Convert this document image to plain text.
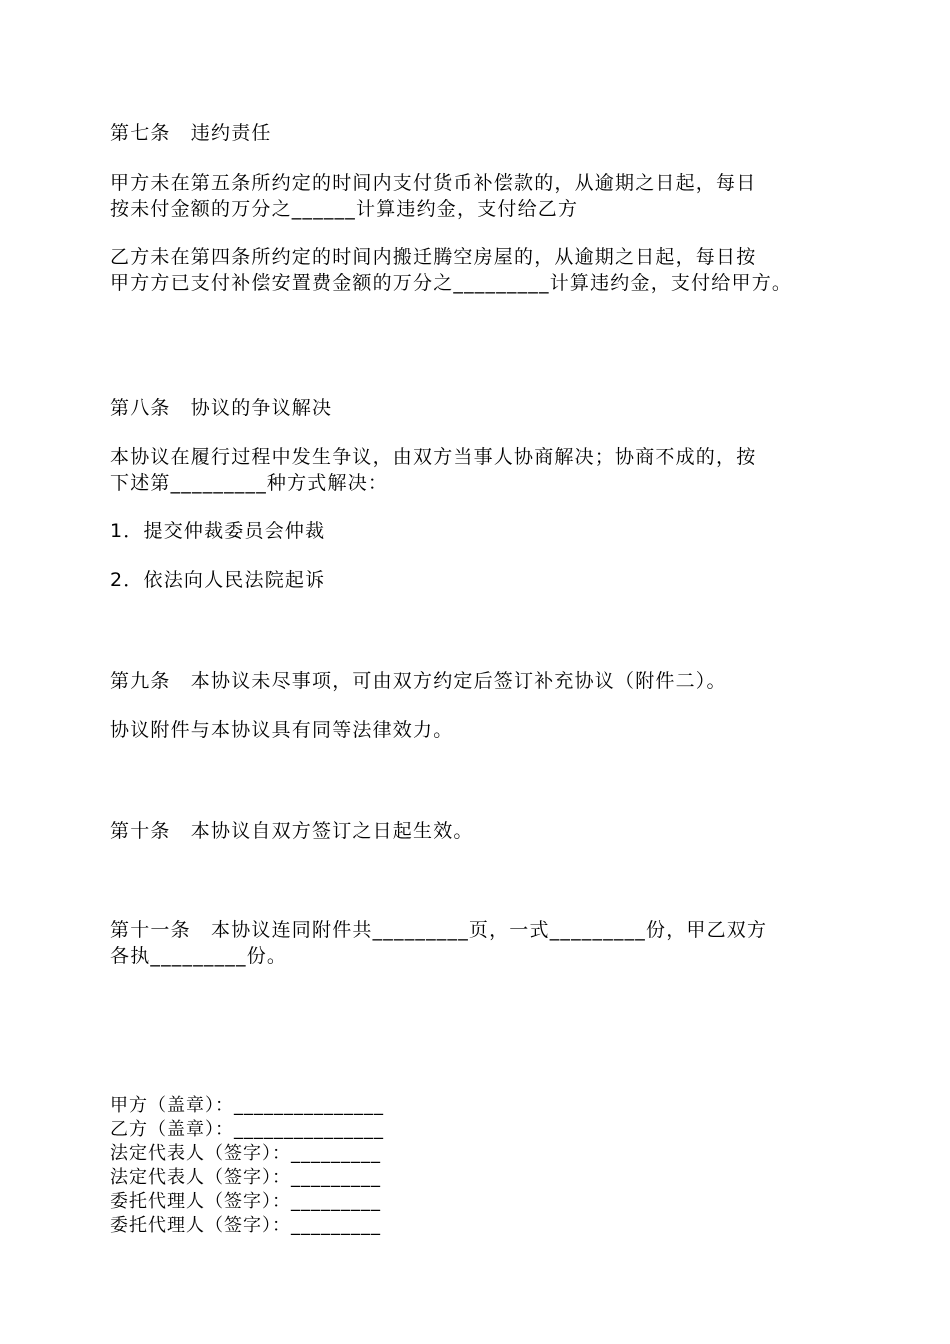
第七条　违约责任

甲方未在第五条所约定的时间内支付货币补偿款的，从逾期之日起，每日

按未付金额的万分之______计算违约金，支付给乙方

乙方未在第四条所约定的时间内搬迁腾空房屋的，从逾期之日起，每日按

甲方方已支付补偿安置费金额的万分之_________计算违约金，支付给甲方。

第八条　协议的争议解决

本协议在履行过程中发生争议，由双方当事人协商解决；协商不成的，按

下述第_________种方式解决：

1．提交仲裁委员会仲裁

2．依法向人民法院起诉

第九条　本协议未尽事项，可由双方约定后签订补充协议（附件二）。

协议附件与本协议具有同等法律效力。

第十条　本协议自双方签订之日起生效。

第十一条　本协议连同附件共_________页，一式_________份，甲乙双方

各执_________份。

甲方（盖章）：_______________

乙方（盖章）：_______________

法定代表人（签字）：_________

法定代表人（签字）：_________

委托代理人（签字）：_________

委托代理人（签字）：_________
